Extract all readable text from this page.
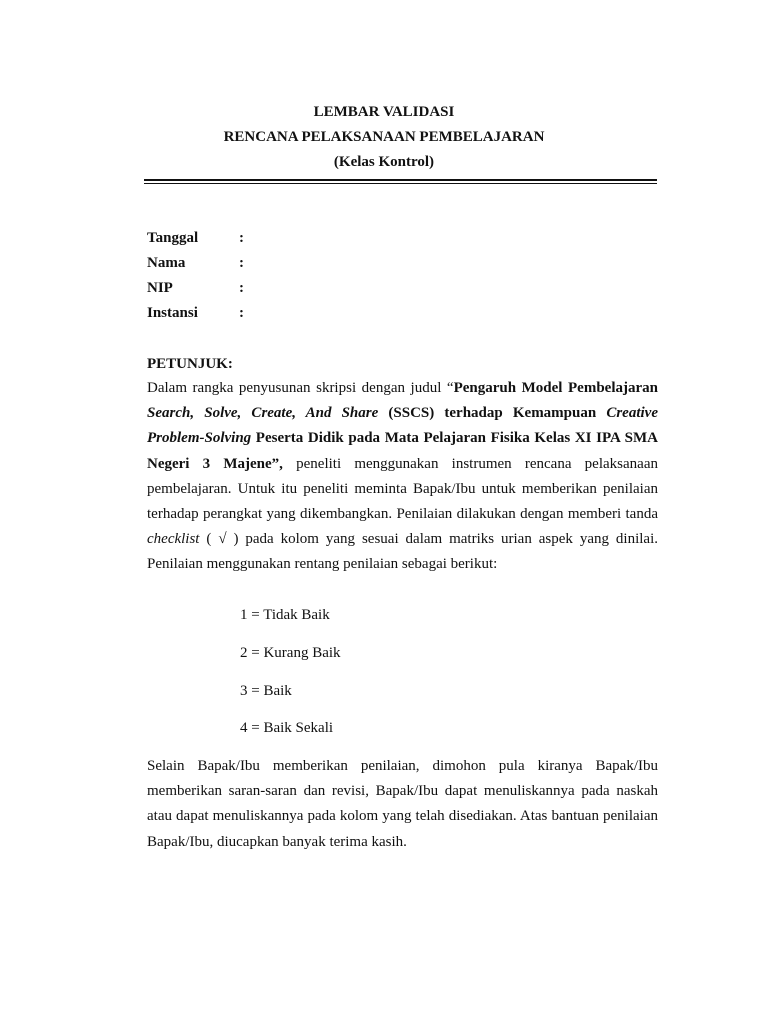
LEMBAR VALIDASI
RENCANA PELAKSANAAN PEMBELAJARAN
(Kelas Kontrol)
Tanggal	:
Nama	:
NIP	:
Instansi	:
PETUNJUK:
Dalam rangka penyusunan skripsi dengan judul “Pengaruh Model Pembelajaran Search, Solve, Create, And Share (SSCS) terhadap Kemampuan Creative Problem-Solving Peserta Didik pada Mata Pelajaran Fisika Kelas XI IPA SMA Negeri 3 Majene”, peneliti menggunakan instrumen rencana pelaksanaan pembelajaran. Untuk itu peneliti meminta Bapak/Ibu untuk memberikan penilaian terhadap perangkat yang dikembangkan. Penilaian dilakukan dengan memberi tanda checklist ( √ ) pada kolom yang sesuai dalam matriks urian aspek yang dinilai. Penilaian menggunakan rentang penilaian sebagai berikut:
1 = Tidak Baik
2 = Kurang Baik
3 = Baik
4 = Baik Sekali
Selain Bapak/Ibu memberikan penilaian, dimohon pula kiranya Bapak/Ibu memberikan saran-saran dan revisi, Bapak/Ibu dapat menuliskannya pada naskah atau dapat menuliskannya pada kolom yang telah disediakan. Atas bantuan penilaian Bapak/Ibu, diucapkan banyak terima kasih.
